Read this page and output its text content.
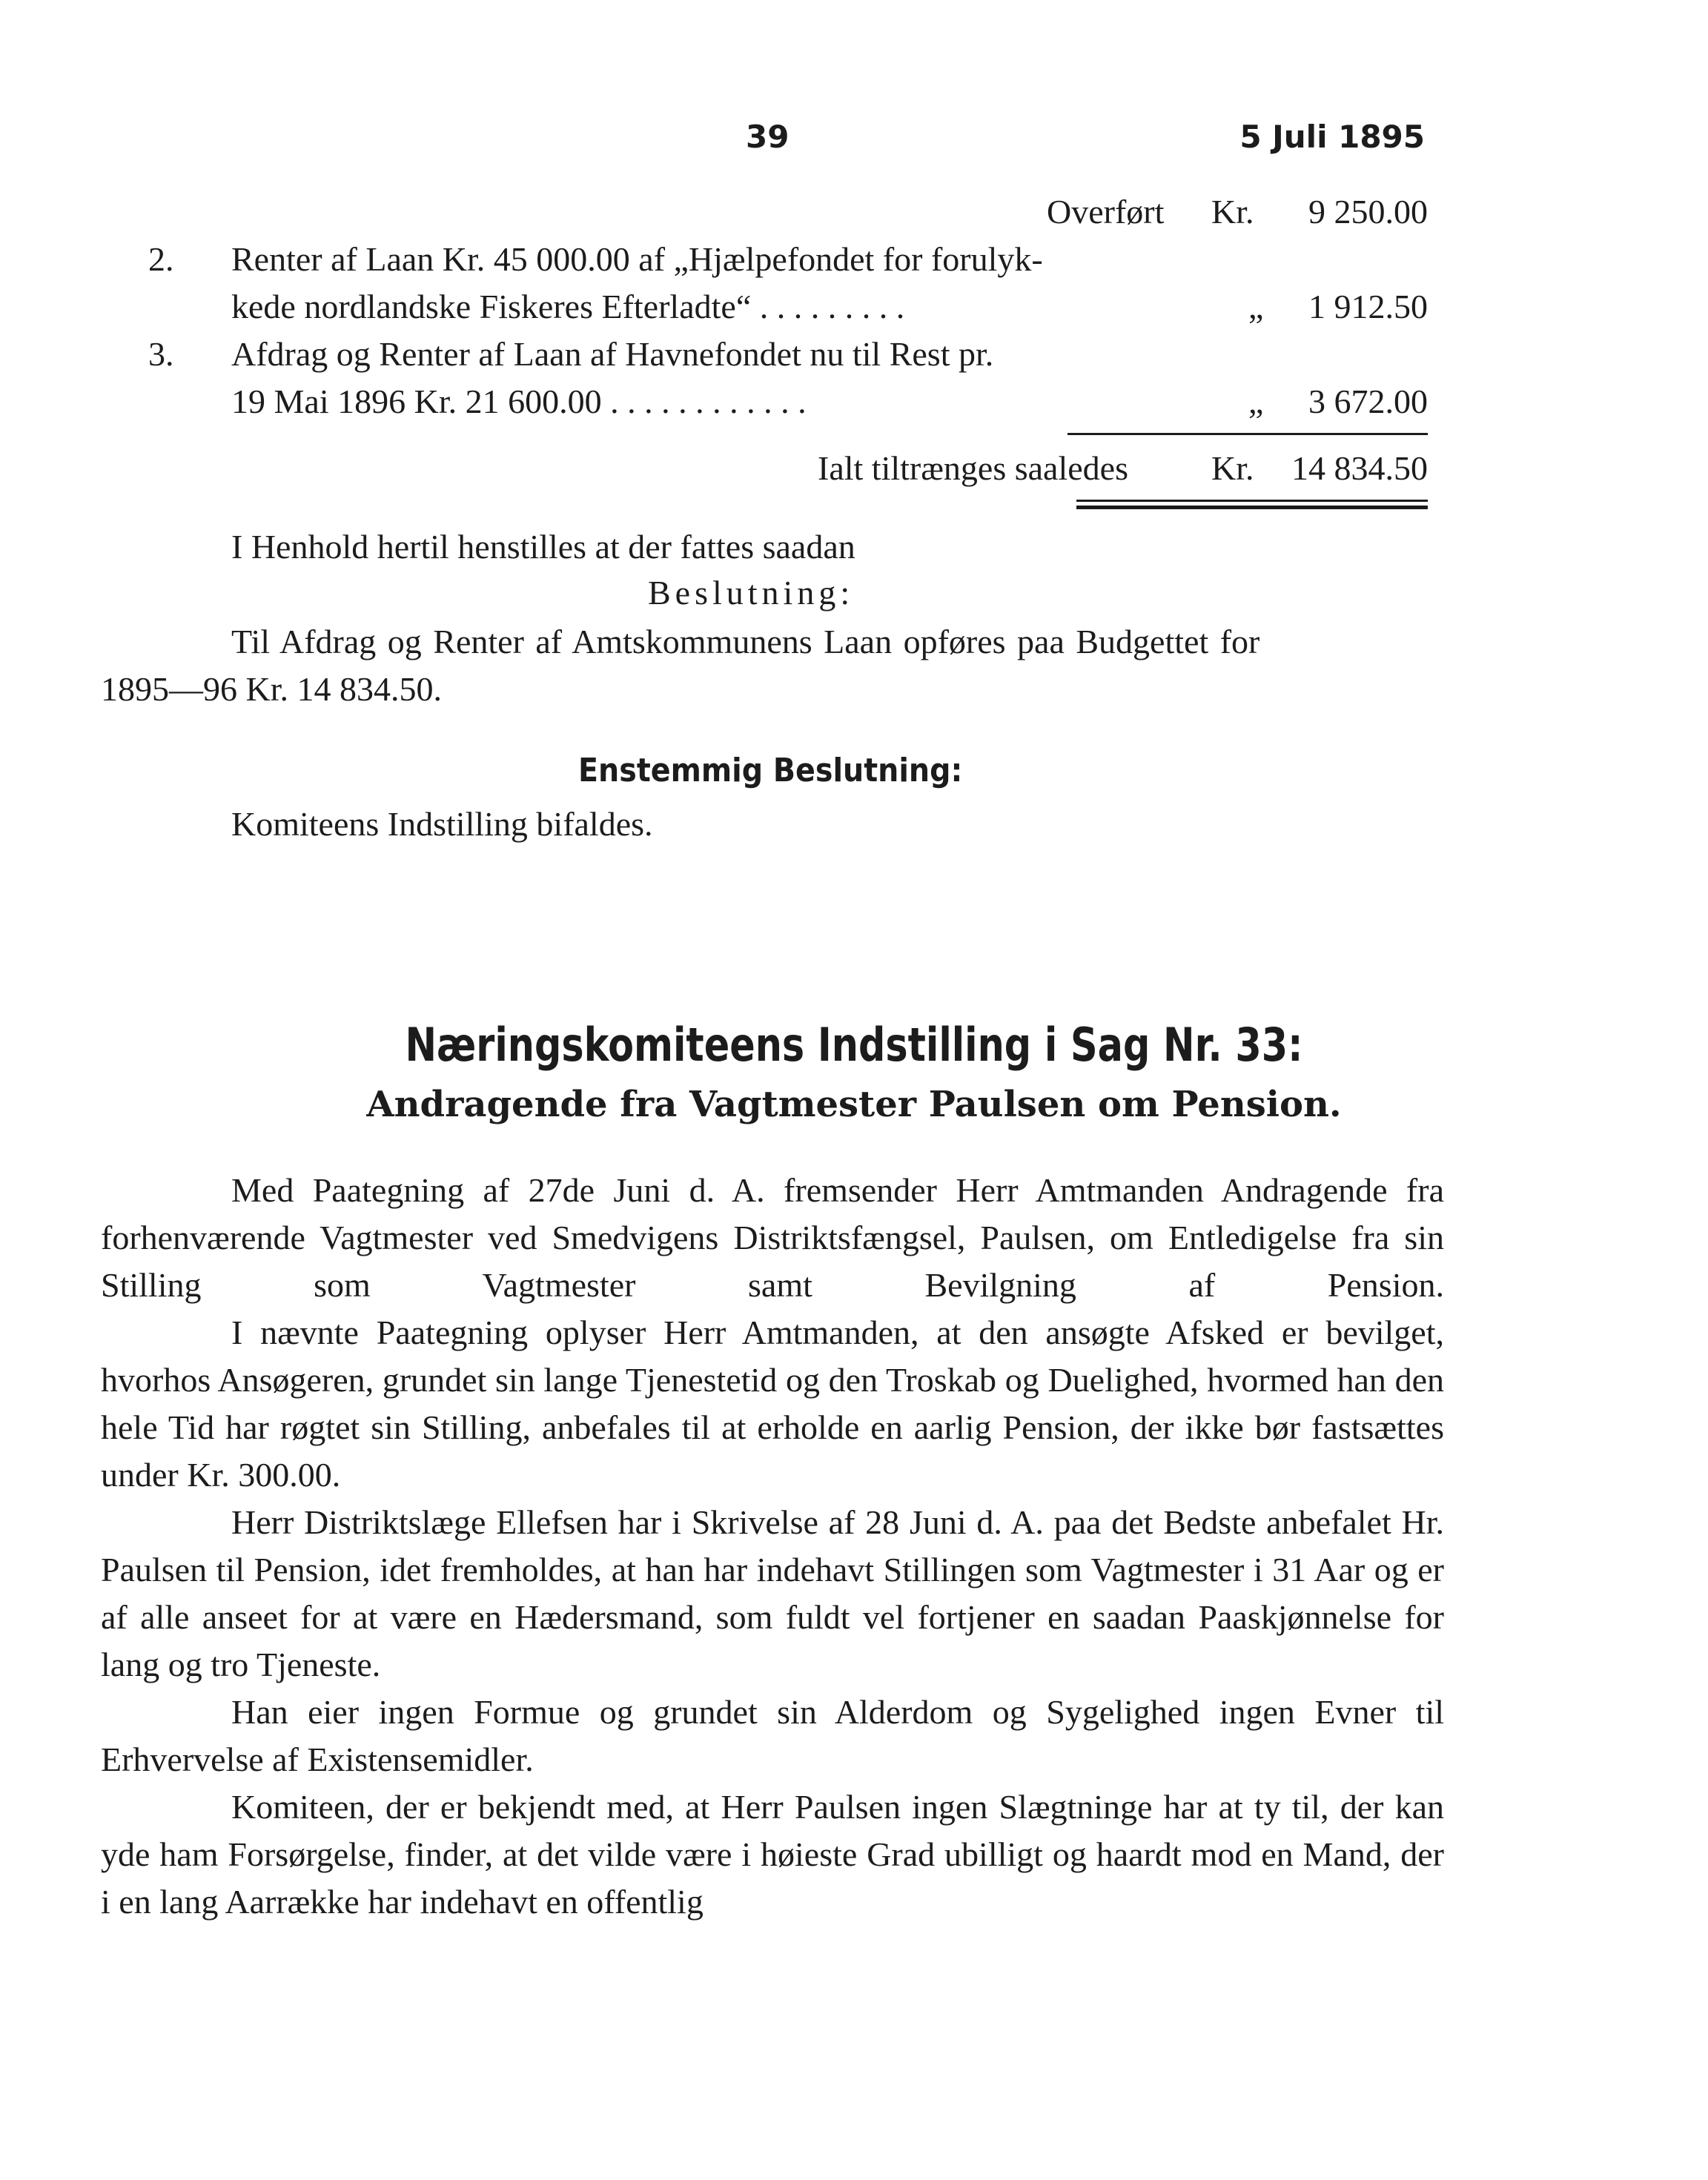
39	5 Juli 1895
Overført Kr. 9 250.00
2. Renter af Laan Kr. 45 000.00 af „Hjælpefondet for forulyk-
kede nordlandske Fiskeres Efterladte“ . . . . . . . . .	„ 1 912.50
3. Afdrag og Renter af Laan af Havnefondet nu til Rest pr.
19 Mai 1896 Kr. 21 600.00 . . . . . . . . . . . .	„ 3 672.00
Ialt tiltrænges saaledes Kr. 14 834.50
I Henhold hertil henstilles at der fattes saadan
Beslutning:
Til Afdrag og Renter af Amtskommunens Laan opføres paa Budgettet for
1895—96 Kr. 14 834.50.
Enstemmig Beslutning:
Komiteens Indstilling bifaldes.
Næringskomiteens Indstilling i Sag Nr. 33:
Andragende fra Vagtmester Paulsen om Pension.
Med Paategning af 27de Juni d. A. fremsender Herr Amtmanden Andragende fra forhenværende Vagtmester ved Smedvigens Distriktsfængsel, Paulsen, om Entledigelse fra sin Stilling som Vagtmester samt Bevilgning af Pension.
I nævnte Paategning oplyser Herr Amtmanden, at den ansøgte Afsked er bevilget, hvorhos Ansøgeren, grundet sin lange Tjenestetid og den Troskab og Duelighed, hvormed han den hele Tid har røgtet sin Stilling, anbefales til at erholde en aarlig Pension, der ikke bør fastsættes under Kr. 300.00.
Herr Distriktslæge Ellefsen har i Skrivelse af 28 Juni d. A. paa det Bedste anbefalet Hr. Paulsen til Pension, idet fremholdes, at han har indehavt Stillingen som Vagtmester i 31 Aar og er af alle anseet for at være en Hædersmand, som fuldt vel fortjener en saadan Paaskjønnelse for lang og tro Tjeneste.
Han eier ingen Formue og grundet sin Alderdom og Sygelighed ingen Evner til Erhvervelse af Existensemidler.
Komiteen, der er bekjendt med, at Herr Paulsen ingen Slægtninge har at ty til, der kan yde ham Forsørgelse, finder, at det vilde være i høieste Grad ubilligt og haardt mod en Mand, der i en lang Aarrække har indehavt en offentlig
